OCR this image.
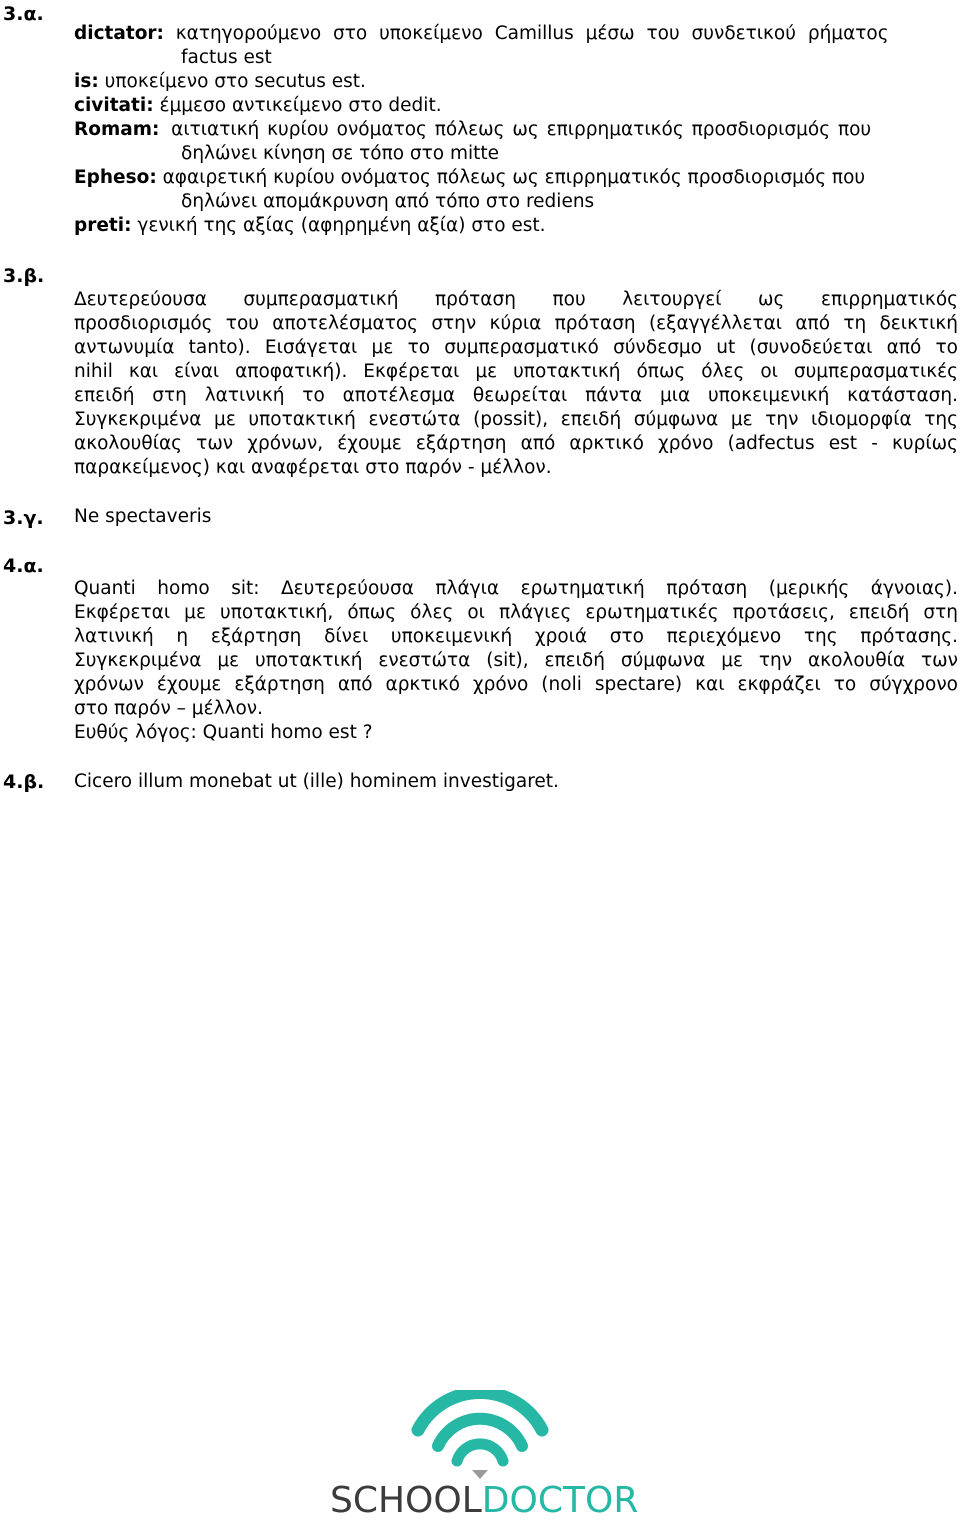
3.α.
dictator: κατηγορούμενο στο υποκείμενο Camillus μέσω του συνδετικού ρήματος
factus est
is: υποκείμενο στο secutus est.
civitati: έμμεσο αντικείμενο στο dedit.
Romam: αιτιατική κυρίου ονόματος πόλεως ως επιρρηματικός προσδιορισμός που
δηλώνει κίνηση σε τόπο στο mitte
Epheso: αφαιρετική κυρίου ονόματος πόλεως ως επιρρηματικός προσδιορισμός που
δηλώνει απομάκρυνση από τόπο στο rediens
preti: γενική της αξίας (αφηρημένη αξία) στο est.
3.β.
Δευτερεύουσα συμπερασματική πρόταση που λειτουργεί ως επιρρηματικός
προσδιορισμός του αποτελέσματος στην κύρια πρόταση (εξαγγέλλεται από τη δεικτική
αντωνυμία tanto). Εισάγεται με το συμπερασματικό σύνδεσμο ut (συνοδεύεται από το
nihil και είναι αποφατική). Εκφέρεται με υποτακτική όπως όλες οι συμπερασματικές
επειδή στη λατινική το αποτέλεσμα θεωρείται πάντα μια υποκειμενική κατάσταση.
Συγκεκριμένα με υποτακτική ενεστώτα (possit), επειδή σύμφωνα με την ιδιομορφία της
ακολουθίας των χρόνων, έχουμε εξάρτηση από αρκτικό χρόνο (adfectus est - κυρίως
παρακείμενος) και αναφέρεται στο παρόν - μέλλον.
3.γ. Ne spectaveris
4.α.
Quanti homo sit: Δευτερεύουσα πλάγια ερωτηματική πρόταση (μερικής άγνοιας).
Εκφέρεται με υποτακτική, όπως όλες οι πλάγιες ερωτηματικές προτάσεις, επειδή στη
λατινική η εξάρτηση δίνει υποκειμενική χροιά στο περιεχόμενο της πρότασης.
Συγκεκριμένα με υποτακτική ενεστώτα (sit), επειδή σύμφωνα με την ακολουθία των
χρόνων έχουμε εξάρτηση από αρκτικό χρόνο (noli spectare) και εκφράζει το σύγχρονο
στο παρόν – μέλλον.
Ευθύς λόγος: Quanti homo est ?
4.β. Cicero illum monebat ut (ille) hominem investigaret.
SCHOOLDOCTOR
